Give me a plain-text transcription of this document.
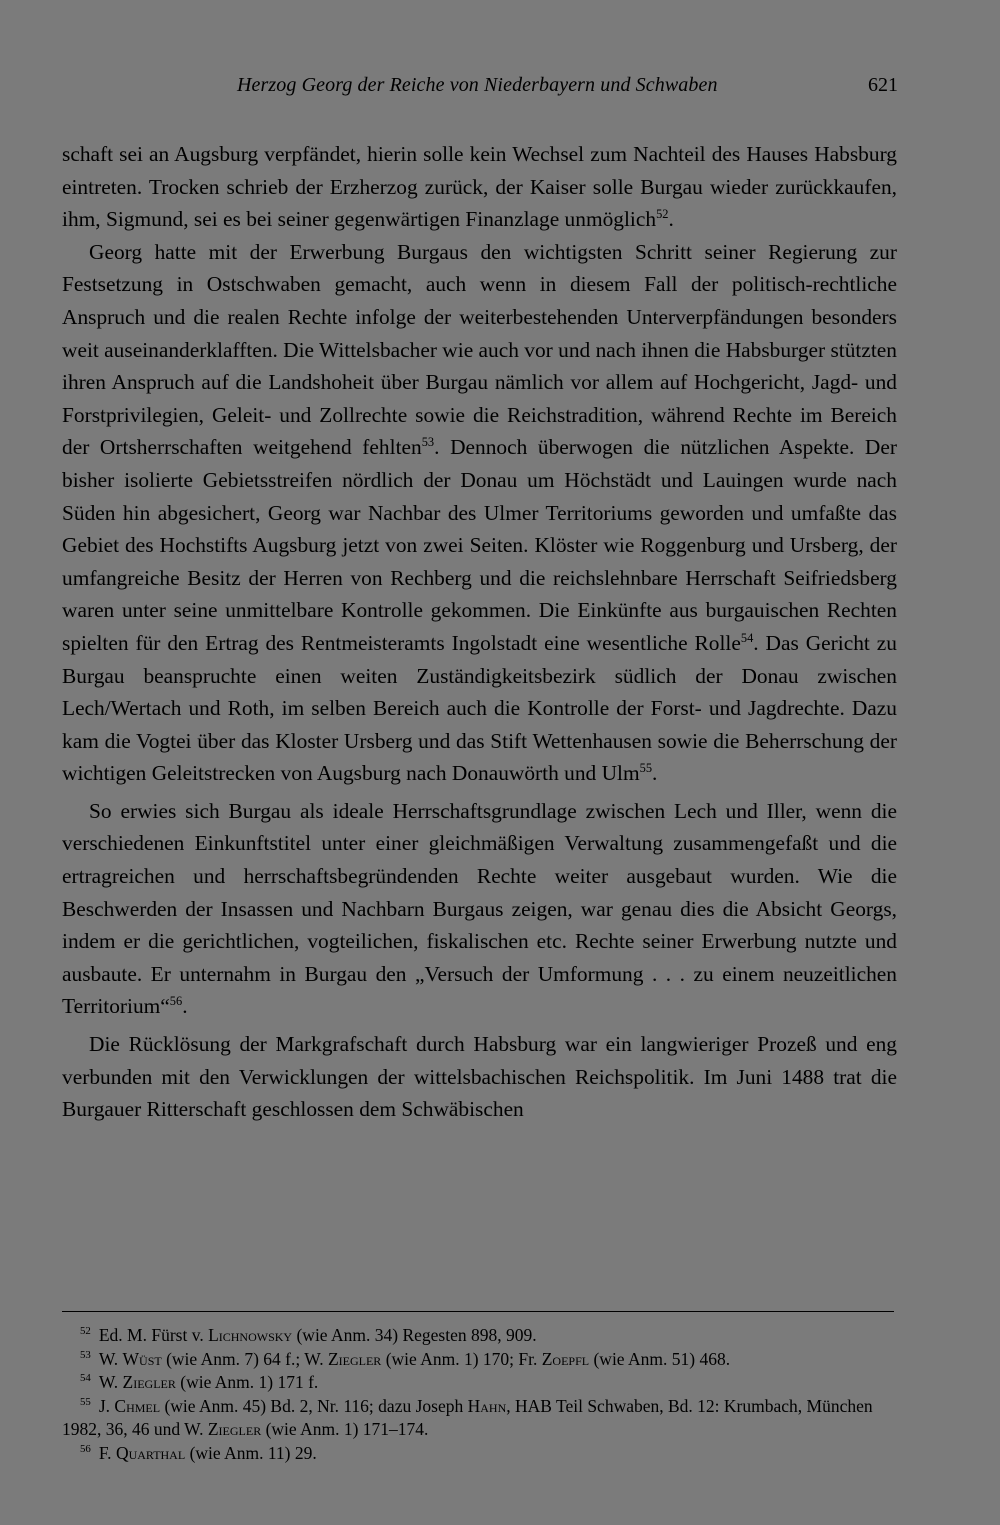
Herzog Georg der Reiche von Niederbayern und Schwaben	621

schaft sei an Augsburg verpfändet, hierin solle kein Wechsel zum Nachteil des Hauses Habsburg eintreten. Trocken schrieb der Erzherzog zurück, der Kaiser solle Burgau wieder zurückkaufen, ihm, Sigmund, sei es bei seiner gegenwärtigen Finanzlage unmöglich$^{52}$.

Georg hatte mit der Erwerbung Burgaus den wichtigsten Schritt seiner Regierung zur Festsetzung in Ostschwaben gemacht, auch wenn in diesem Fall der politisch-rechtliche Anspruch und die realen Rechte infolge der weiterbestehenden Unterverpfändungen besonders weit auseinanderklafften. Die Wittelsbacher wie auch vor und nach ihnen die Habsburger stützten ihren Anspruch auf die Landshoheit über Burgau nämlich vor allem auf Hochgericht, Jagd- und Forstprivilegien, Geleit- und Zollrechte sowie die Reichstradition, während Rechte im Bereich der Ortsherrschaften weitgehend fehlten$^{53}$. Dennoch überwogen die nützlichen Aspekte. Der bisher isolierte Gebietsstreifen nördlich der Donau um Höchstädt und Lauingen wurde nach Süden hin abgesichert, Georg war Nachbar des Ulmer Territoriums geworden und umfaßte das Gebiet des Hochstifts Augsburg jetzt von zwei Seiten. Klöster wie Roggenburg und Ursberg, der umfangreiche Besitz der Herren von Rechberg und die reichslehnbare Herrschaft Seifriedsberg waren unter seine unmittelbare Kontrolle gekommen. Die Einkünfte aus burgauischen Rechten spielten für den Ertrag des Rentmeisteramts Ingolstadt eine wesentliche Rolle$^{54}$. Das Gericht zu Burgau beanspruchte einen weiten Zuständigkeitsbezirk südlich der Donau zwischen Lech/Wertach und Roth, im selben Bereich auch die Kontrolle der Forst- und Jagdrechte. Dazu kam die Vogtei über das Kloster Ursberg und das Stift Wettenhausen sowie die Beherrschung der wichtigen Geleitstrecken von Augsburg nach Donauwörth und Ulm$^{55}$.

So erwies sich Burgau als ideale Herrschaftsgrundlage zwischen Lech und Iller, wenn die verschiedenen Einkunftstitel unter einer gleichmäßigen Verwaltung zusammengefaßt und die ertragreichen und herrschaftsbegründenden Rechte weiter ausgebaut wurden. Wie die Beschwerden der Insassen und Nachbarn Burgaus zeigen, war genau dies die Absicht Georgs, indem er die gerichtlichen, vogteilichen, fiskalischen etc. Rechte seiner Erwerbung nutzte und ausbaute. Er unternahm in Burgau den „Versuch der Umformung . . . zu einem neuzeitlichen Territorium“$^{56}$.

Die Rücklösung der Markgrafschaft durch Habsburg war ein langwieriger Prozeß und eng verbunden mit den Verwicklungen der wittelsbachischen Reichspolitik. Im Juni 1488 trat die Burgauer Ritterschaft geschlossen dem Schwäbischen

$^{52}$ Ed. M. Fürst v. Lichnowsky (wie Anm. 34) Regesten 898, 909.

$^{53}$ W. Wüst (wie Anm. 7) 64 f.; W. Ziegler (wie Anm. 1) 170; Fr. Zoepfl (wie Anm. 51) 468.

$^{54}$ W. Ziegler (wie Anm. 1) 171 f.

$^{55}$ J. Chmel (wie Anm. 45) Bd. 2, Nr. 116; dazu Joseph Hahn, HAB Teil Schwaben, Bd. 12: Krumbach, München 1982, 36, 46 und W. Ziegler (wie Anm. 1) 171–174.

$^{56}$ F. Quarthal (wie Anm. 11) 29.
